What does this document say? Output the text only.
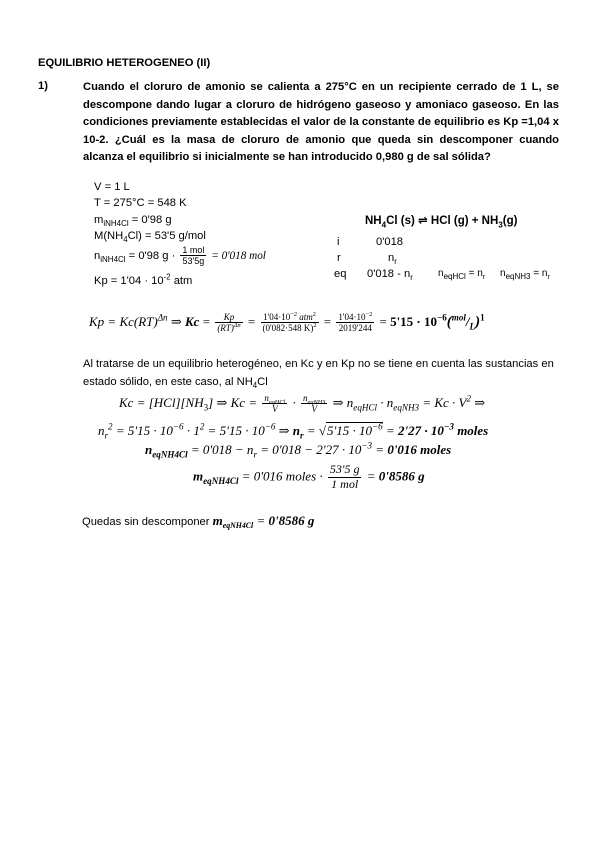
EQUILIBRIO HETEROGENEO (II)
1)	Cuando el cloruro de amonio se calienta a 275°C en un recipiente cerrado de 1 L, se descompone dando lugar a cloruro de hidrógeno gaseoso y amoniaco gaseoso. En las condiciones previamente establecidas el valor de la constante de equilibrio es Kp =1,04 x 10-2. ¿Cuál es la masa de cloruro de amonio que queda sin descomponer cuando alcanza el equilibrio si inicialmente se han introducido 0,980 g de sal sólida?
V = 1 L
T = 275°C = 548 K
$m_{iNH4Cl} = 0'98$ g
$M(NH_4Cl) = 53'5$ g/mol
$n_{iNH4Cl} = 0'98$ $g \cdot \frac{\text{1 mol}}{53'5g} = 0'018$ mol
$Kp = 1'04 \cdot 10^{-2}$ atm
$NH_4Cl$ (s) ⇌ HCl $(g) + NH_3(g)$
i	0'018
r	$n_r$
eq $0'018 - n_r$	$n_{eqHCl} = n_r$ $n_{eqNH3} = n_r$
Kp = Kc(RT)$^{\Delta n}$ ⇒ $Kc = \frac{Kp}{(RT)^{\Delta n}} = \frac{1'04\cdot 10^{-2} atm^2}{(0'082\cdot 548 K)^2} = \frac{1'04\cdot 10^{-2}}{2019'244} = 5'15 \cdot 10^{-6}(^{mol}/_L)^1$
Al tratarse de un equilibrio heterogéneo, en Kc y en Kp no se tiene en cuenta las sustancias en estado sólido, en este caso, al $NH_4Cl$
$Kc = [HCl][NH_3]$ ⇒ $Kc = \frac{n_{eqHCl}}{V} \cdot \frac{n_{eqNH3}}{V}$ ⇒ $n_{eqHCl} \cdot n_{eqNH3} = Kc \cdot V^2$ ⇒
$n_r^2 = 5'15 \cdot 10^{-6} \cdot 1^2 = 5'15 \cdot 10^{-6}$ ⇒ $n_r = √5'15 \cdot 10^{-6} = 2'27 \cdot 10^{-3}$ moles
$n_{eqNH4Cl} = 0'018 - n_r = 0'018 - 2'27 \cdot 10^{-3} = 0'016$ moles
$m_{eqNH4Cl} = 0'016$ moles · $\frac{53'5 g}{\text{1 mol}} = 0'8586$ g
Quedas sin descomponer $m_{eqNH4Cl} = 0'8586$ g
